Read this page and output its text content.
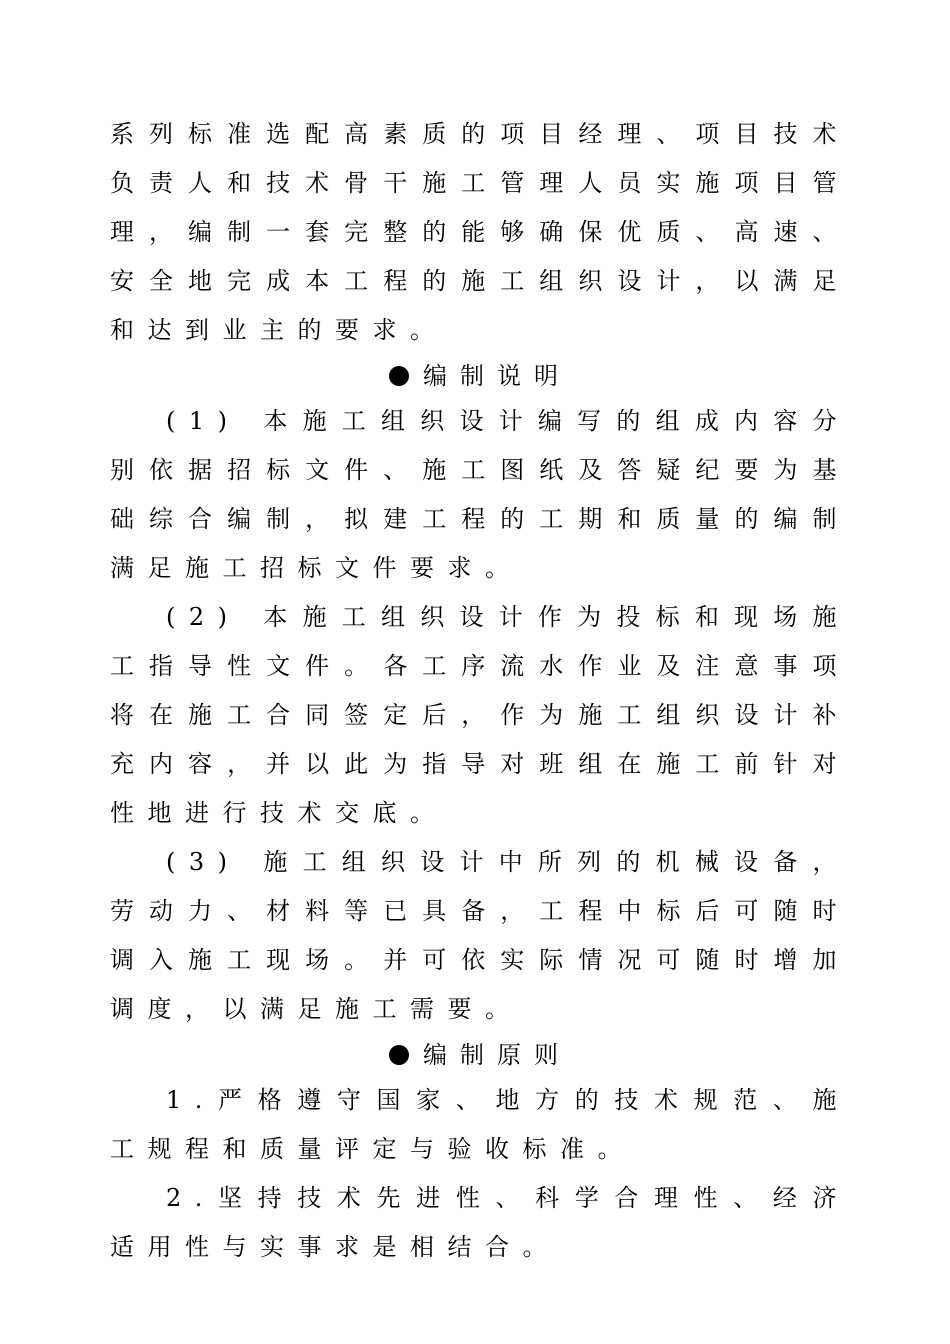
系列标准选配高素质的项目经理、项目技术负责人和技术骨干施工管理人员实施项目管理，编制一套完整的能够确保优质、高速、安全地完成本工程的施工组织设计，以满足和达到业主的要求。

编制说明

(1) 本施工组织设计编写的组成内容分别依据招标文件、施工图纸及答疑纪要为基础综合编制，拟建工程的工期和质量的编制满足施工招标文件要求。

(2) 本施工组织设计作为投标和现场施工指导性文件。各工序流水作业及注意事项将在施工合同签定后，作为施工组织设计补充内容，并以此为指导对班组在施工前针对性地进行技术交底。

(3) 施工组织设计中所列的机械设备，劳动力、材料等已具备，工程中标后可随时调入施工现场。并可依实际情况可随时增加调度，以满足施工需要。

编制原则

1.严格遵守国家、地方的技术规范、施工规程和质量评定与验收标准。

2.坚持技术先进性、科学合理性、经济适用性与实事求是相结合。
